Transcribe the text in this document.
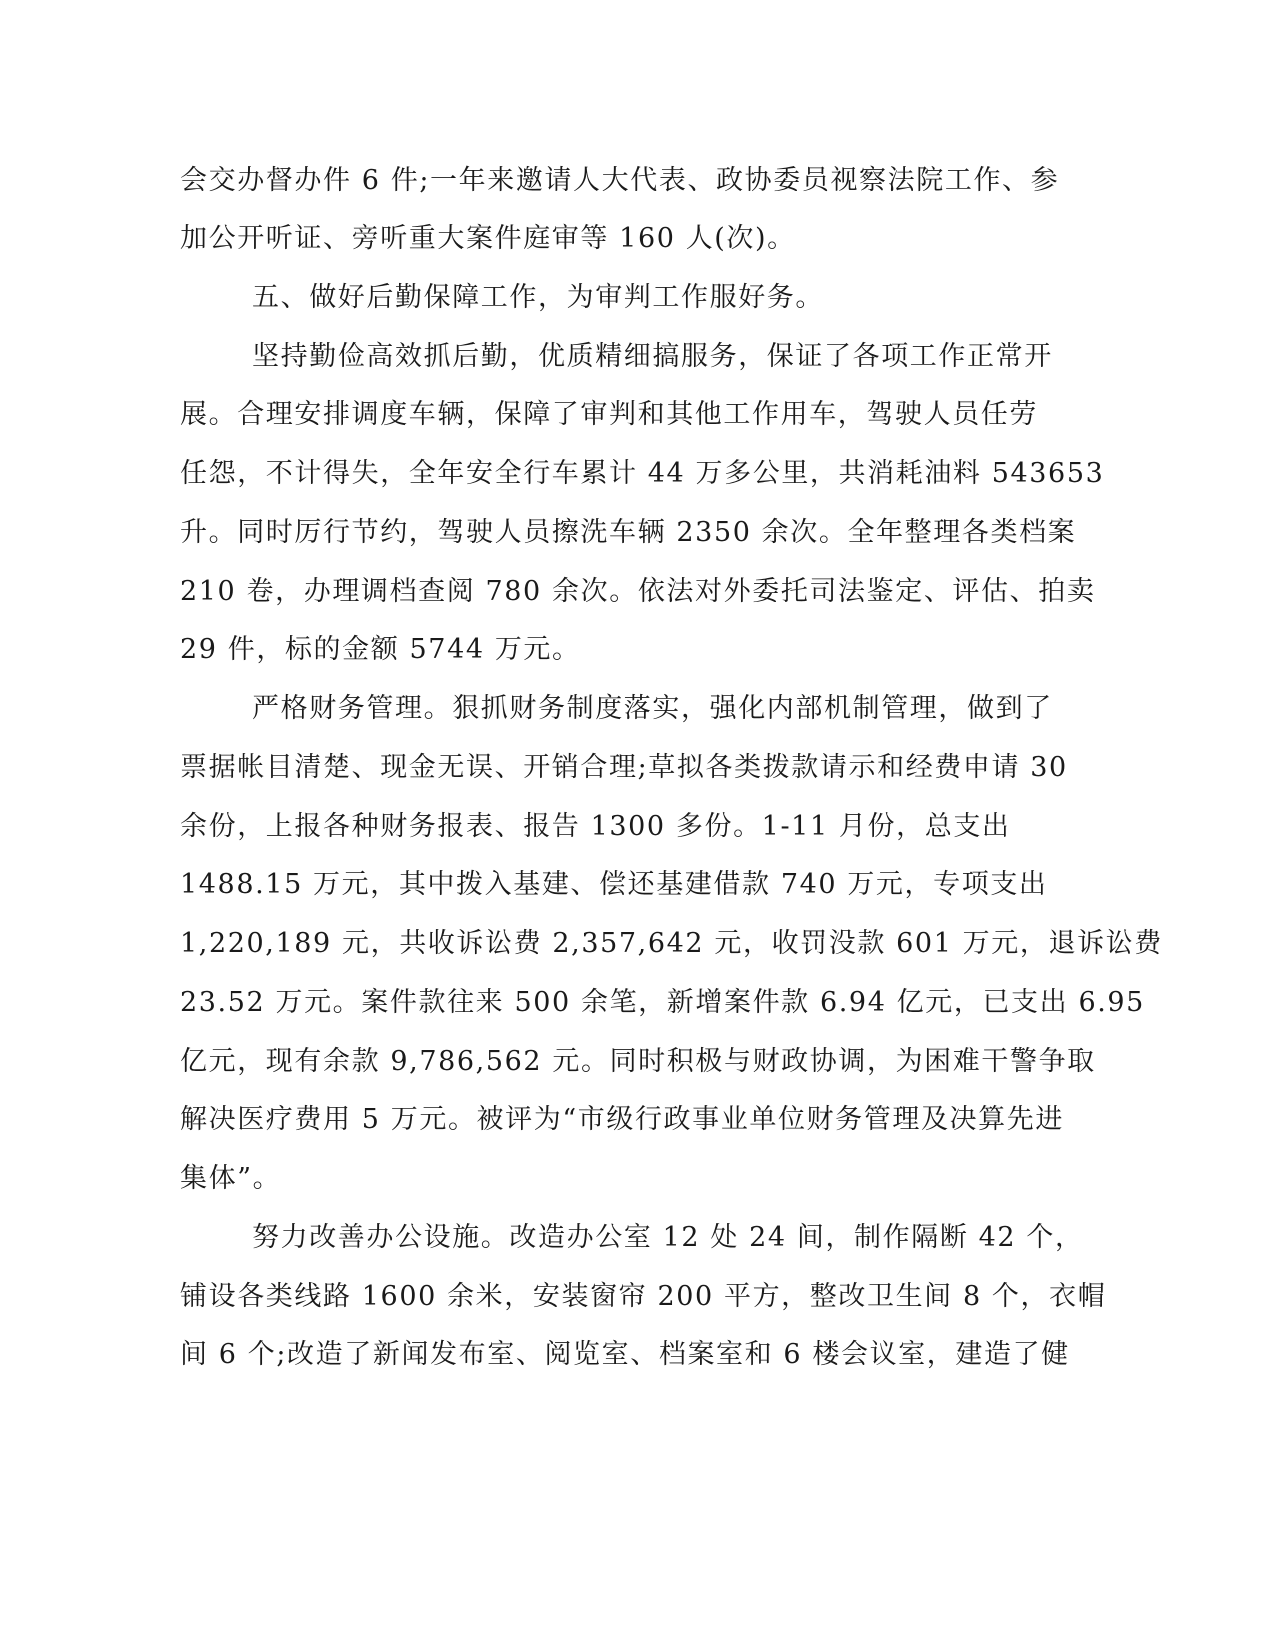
会交办督办件 6 件;一年来邀请人大代表、政协委员视察法院工作、参
加公开听证、旁听重大案件庭审等 160 人(次)。
五、做好后勤保障工作，为审判工作服好务。
坚持勤俭高效抓后勤，优质精细搞服务，保证了各项工作正常开
展。合理安排调度车辆，保障了审判和其他工作用车，驾驶人员任劳
任怨，不计得失，全年安全行车累计 44 万多公里，共消耗油料 543653
升。同时厉行节约，驾驶人员擦洗车辆 2350 余次。全年整理各类档案
210 卷，办理调档查阅 780 余次。依法对外委托司法鉴定、评估、拍卖
29 件，标的金额 5744 万元。
严格财务管理。狠抓财务制度落实，强化内部机制管理，做到了
票据帐目清楚、现金无误、开销合理;草拟各类拨款请示和经费申请 30
余份，上报各种财务报表、报告 1300 多份。1-11 月份，总支出
1488.15 万元，其中拨入基建、偿还基建借款 740 万元，专项支出
1,220,189 元，共收诉讼费 2,357,642 元，收罚没款 601 万元，退诉讼费
23.52 万元。案件款往来 500 余笔，新增案件款 6.94 亿元，已支出 6.95
亿元，现有余款 9,786,562 元。同时积极与财政协调，为困难干警争取
解决医疗费用 5 万元。被评为“市级行政事业单位财务管理及决算先进
集体”。
努力改善办公设施。改造办公室 12 处 24 间，制作隔断 42 个，
铺设各类线路 1600 余米，安装窗帘 200 平方，整改卫生间 8 个，衣帽
间 6 个;改造了新闻发布室、阅览室、档案室和 6 楼会议室，建造了健
